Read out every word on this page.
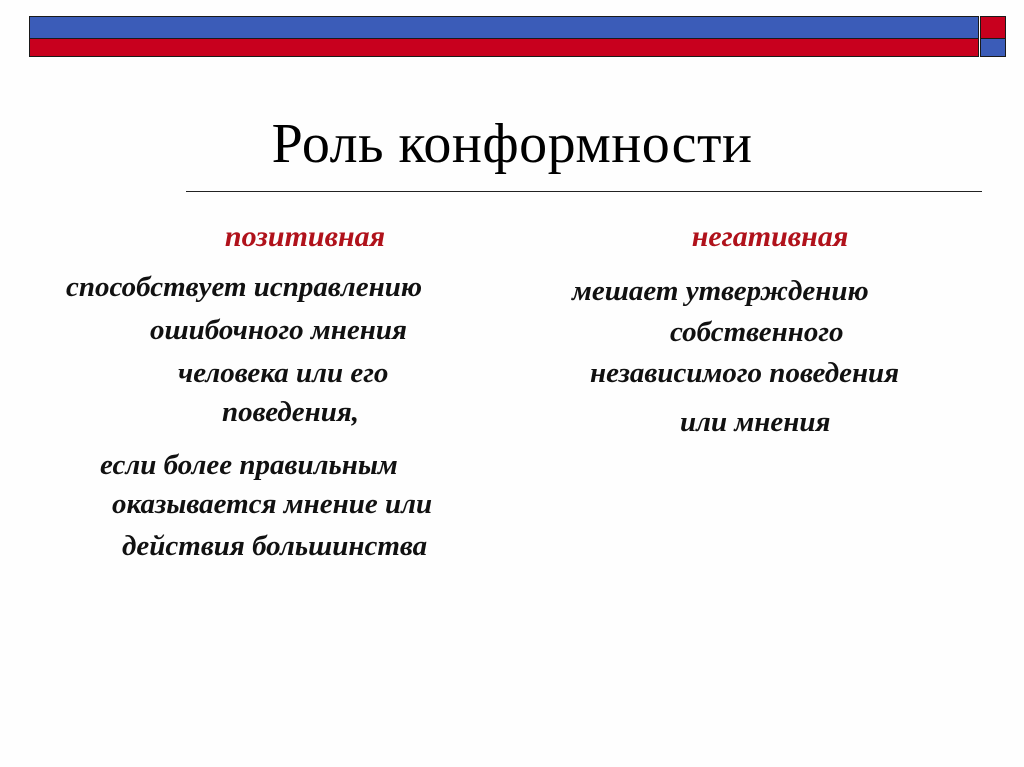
Роль конформности
позитивная	негативная
способствует исправлению
ошибочного мнения
человека или его
поведения,
если более правильным
оказывается мнение или
действия большинства
мешает утверждению
собственного
независимого поведения
или мнения
